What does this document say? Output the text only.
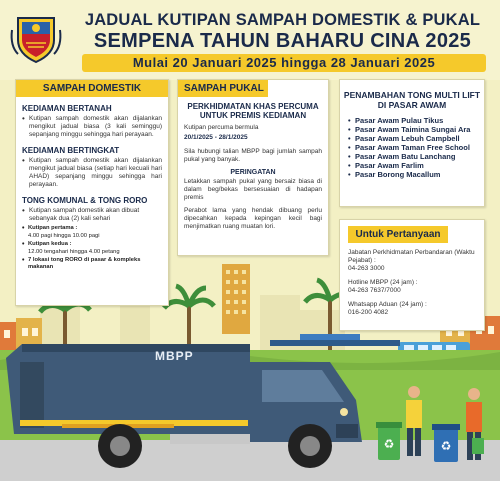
JADUAL KUTIPAN SAMPAH DOMESTIK & PUKAL
SEMPENA TAHUN BAHARU CINA 2025
Mulai 20 Januari 2025 hingga 28 Januari 2025
SAMPAH DOMESTIK
KEDIAMAN BERTANAH
• Kutipan sampah domestik akan dijalankan mengikut jadual biasa (3 kali seminggu) sepanjang minggu sehingga hari perayaan.
KEDIAMAN BERTINGKAT
• Kutipan sampah domestik akan dijalankan mengikut jadual biasa (setiap hari kecuali hari AHAD) sepanjang minggu sehingga hari perayaan.
TONG KOMUNAL & TONG RORO
• Kutipan sampah domestik akan dibuat sebanyak dua (2) kali sehari
• Kutipan pertama :
4.00 pagi hingga 10.00 pagi
• Kutipan kedua :
12.00 tengahari hingga 4.00 petang
• 7 lokasi tong RORO di pasar & kompleks makanan
SAMPAH PUKAL
PERKHIDMATAN KHAS PERCUMA UNTUK PREMIS KEDIAMAN
Kutipan percuma bermula
20/1/2025 - 28/1/2025
Sila hubungi talian MBPP bagi jumlah sampah pukal yang banyak.
PERINGATAN
Letakkan sampah pukal yang bersaiz biasa di dalam beg/bekas bersesuaian di hadapan premis
Perabot lama yang hendak dibuang perlu dipecahkan kepada kepingan kecil bagi menjimatkan ruang muatan lori.
PENAMBAHAN TONG MULTI LIFT DI PASAR AWAM
• Pasar Awam Pulau Tikus
• Pasar Awam Taimina Sungai Ara
• Pasar Awam Lebuh Campbell
• Pasar Awam Taman Free School
• Pasar Awam Batu Lanchang
• Pasar Awam Farlim
• Pasar Borong Macallum
Untuk Pertanyaan
Jabatan Perkhidmatan Perbandaran (Waktu Pejabat) :
04-263 3000
Hotline MBPP (24 jam) :
04-263 7637/7000
Whatsapp Aduan (24 jam) :
016-200 4082
MBPP
♻	♻
